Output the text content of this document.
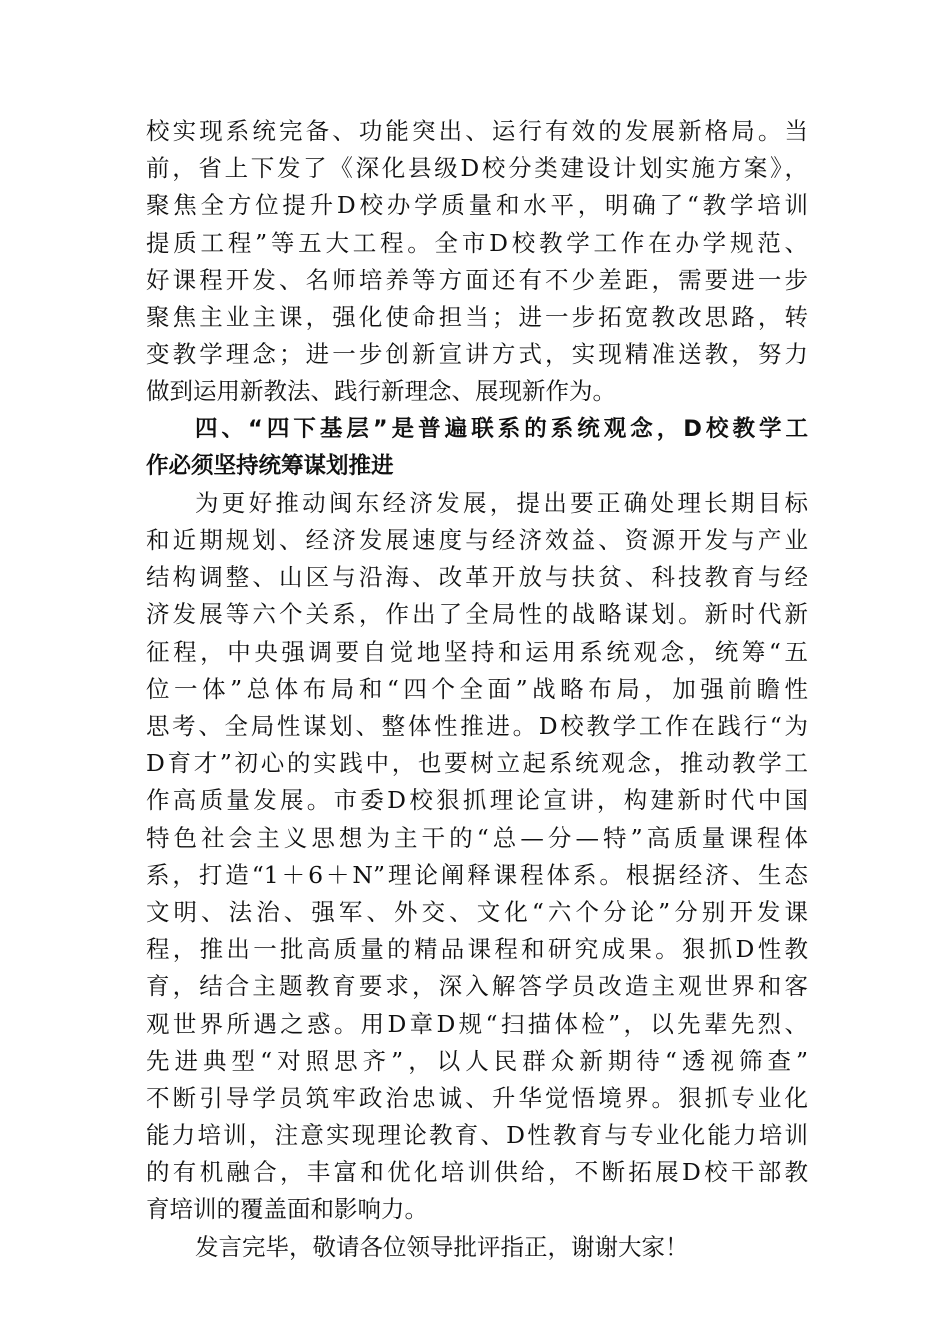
校实现系统完备、功能突出、运行有效的发展新格局。当
前，省上下发了《深化县级D校分类建设计划实施方案》，
聚焦全方位提升D校办学质量和水平，明确了“教学培训
提质工程”等五大工程。全市D校教学工作在办学规范、
好课程开发、名师培养等方面还有不少差距，需要进一步
聚焦主业主课，强化使命担当；进一步拓宽教改思路，转
变教学理念；进一步创新宣讲方式，实现精准送教，努力
做到运用新教法、践行新理念、展现新作为。
四、“四下基层”是普遍联系的系统观念，D校教学工
作必须坚持统筹谋划推进
为更好推动闽东经济发展，提出要正确处理长期目标
和近期规划、经济发展速度与经济效益、资源开发与产业
结构调整、山区与沿海、改革开放与扶贫、科技教育与经
济发展等六个关系，作出了全局性的战略谋划。新时代新
征程，中央强调要自觉地坚持和运用系统观念，统筹“五
位一体”总体布局和“四个全面”战略布局，加强前瞻性
思考、全局性谋划、整体性推进。D校教学工作在践行“为
D育才”初心的实践中，也要树立起系统观念，推动教学工
作高质量发展。市委D校狠抓理论宣讲，构建新时代中国
特色社会主义思想为主干的“总—分—特”高质量课程体
系，打造“1＋6＋N”理论阐释课程体系。根据经济、生态
文明、法治、强军、外交、文化“六个分论”分别开发课
程，推出一批高质量的精品课程和研究成果。狠抓D性教
育，结合主题教育要求，深入解答学员改造主观世界和客
观世界所遇之惑。用D章D规“扫描体检”，以先辈先烈、
先进典型“对照思齐”，以人民群众新期待“透视筛查”
不断引导学员筑牢政治忠诚、升华觉悟境界。狠抓专业化
能力培训，注意实现理论教育、D性教育与专业化能力培训
的有机融合，丰富和优化培训供给，不断拓展D校干部教
育培训的覆盖面和影响力。
发言完毕，敬请各位领导批评指正，谢谢大家！
